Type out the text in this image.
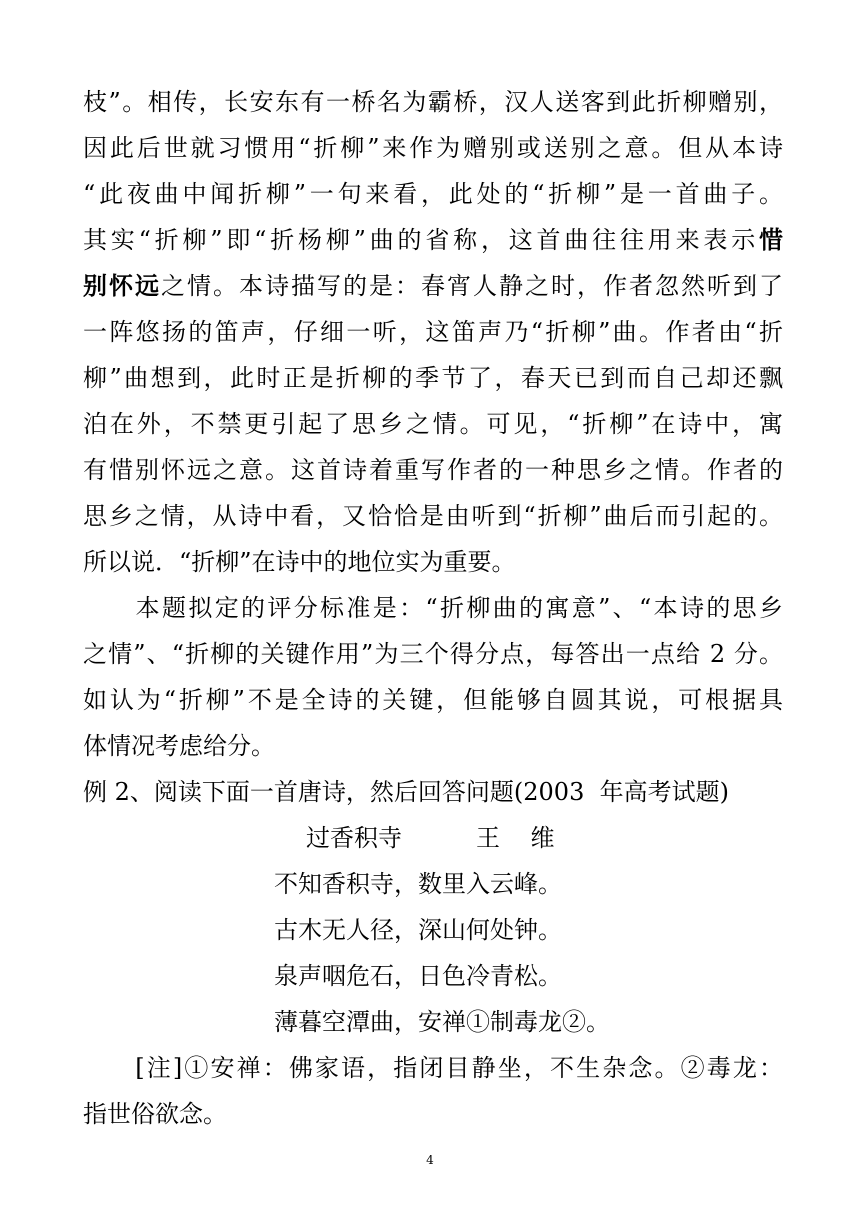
枝”。相传，长安东有一桥名为霸桥，汉人送客到此折柳赠别，
因此后世就习惯用“折柳”来作为赠别或送别之意。但从本诗
“此夜曲中闻折柳”一句来看，此处的“折柳”是一首曲子。
其实“折柳”即“折杨柳”曲的省称，这首曲往往用来表示惜
别怀远之情。本诗描写的是：春宵人静之时，作者忽然听到了
一阵悠扬的笛声，仔细一听，这笛声乃“折柳”曲。作者由“折
柳”曲想到，此时正是折柳的季节了，春天已到而自己却还飘
泊在外，不禁更引起了思乡之情。可见，“折柳”在诗中，寓
有惜别怀远之意。这首诗着重写作者的一种思乡之情。作者的
思乡之情，从诗中看，又恰恰是由听到“折柳”曲后而引起的。
所以说．“折柳”在诗中的地位实为重要。
　　本题拟定的评分标准是：“折柳曲的寓意”、“本诗的思乡
之情”、“折柳的关键作用”为三个得分点，每答出一点给 2 分。
如认为“折柳”不是全诗的关键，但能够自圆其说，可根据具
体情况考虑给分。
例 2、阅读下面一首唐诗，然后回答问题(2003  年高考试题)
过香积寺	王    维
不知香积寺，数里入云峰。
古木无人径，深山何处钟。
泉声咽危石，日色冷青松。
薄暮空潭曲，安禅①制毒龙②。
　　[注]①安禅：佛家语，指闭目静坐，不生杂念。②毒龙：
指世俗欲念。
4
